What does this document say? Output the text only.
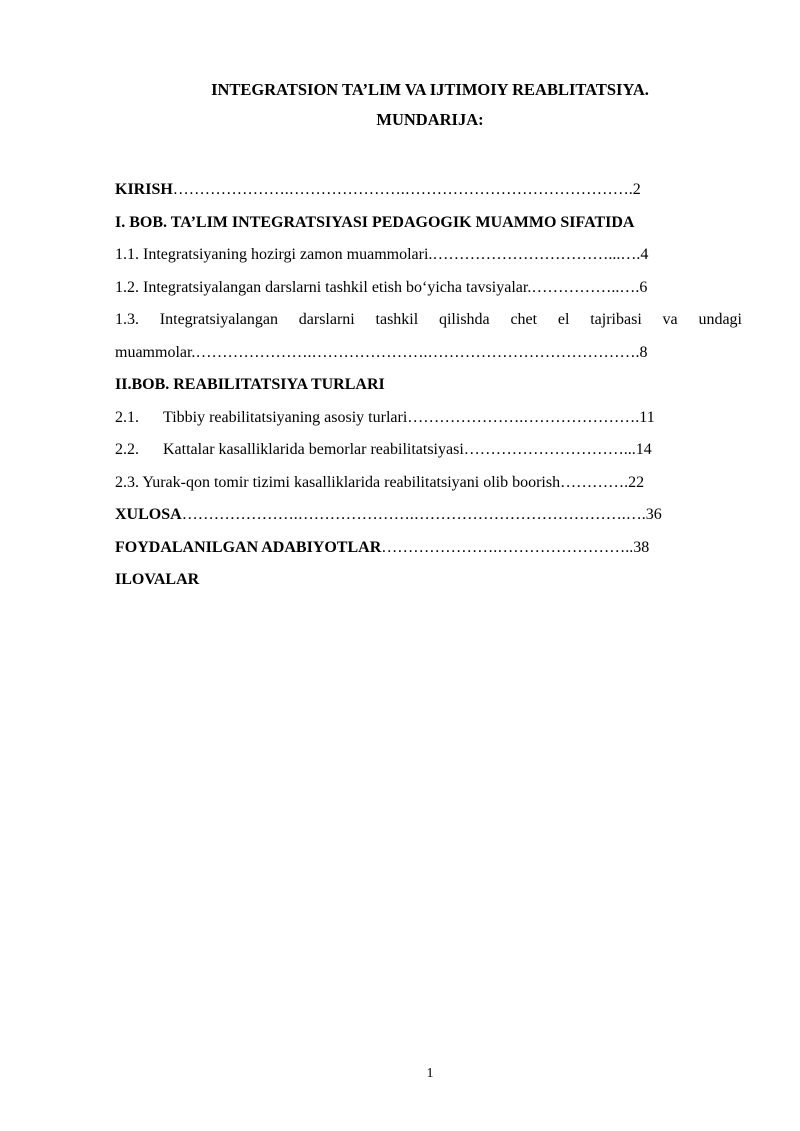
INTEGRATSION TA’LIM VA IJTIMOIY REABLITATSIYA.

MUNDARIJA:

KIRISH ………………….………………….……………………………………. 2
I. BOB. TA’LIM INTEGRATSIYASI PEDAGOGIK MUAMMO SIFATIDA
1.1. Integratsiyaning hozirgi zamon muammolari. ……………………………...…. 4
1.2. Integratsiyalangan darslarni tashkil etish bo‘yicha tavsiyalar. ……………..…. 6
1.3. Integratsiyalangan darslarni tashkil qilishda chet el tajribasi va undagi
muammolar. ………………….………………….…………………………………. 8
II.BOB. REABILITATSIYA TURLARI
2.1.	Tibbiy reabilitatsiyaning asosiy turlari ………………….…………………. 11
2.2.	Kattalar kasalliklarida bemorlar reabilitatsiyasi …………………………... 14
2.3. Yurak-qon tomir tizimi kasalliklarida reabilitatsiyani olib boorish …………. 22
XULOSA ………………….………………….………………………………….…. 36
FOYDALANILGAN ADABIYOTLAR ………………….…………………….. 38
ILOVALAR
1
